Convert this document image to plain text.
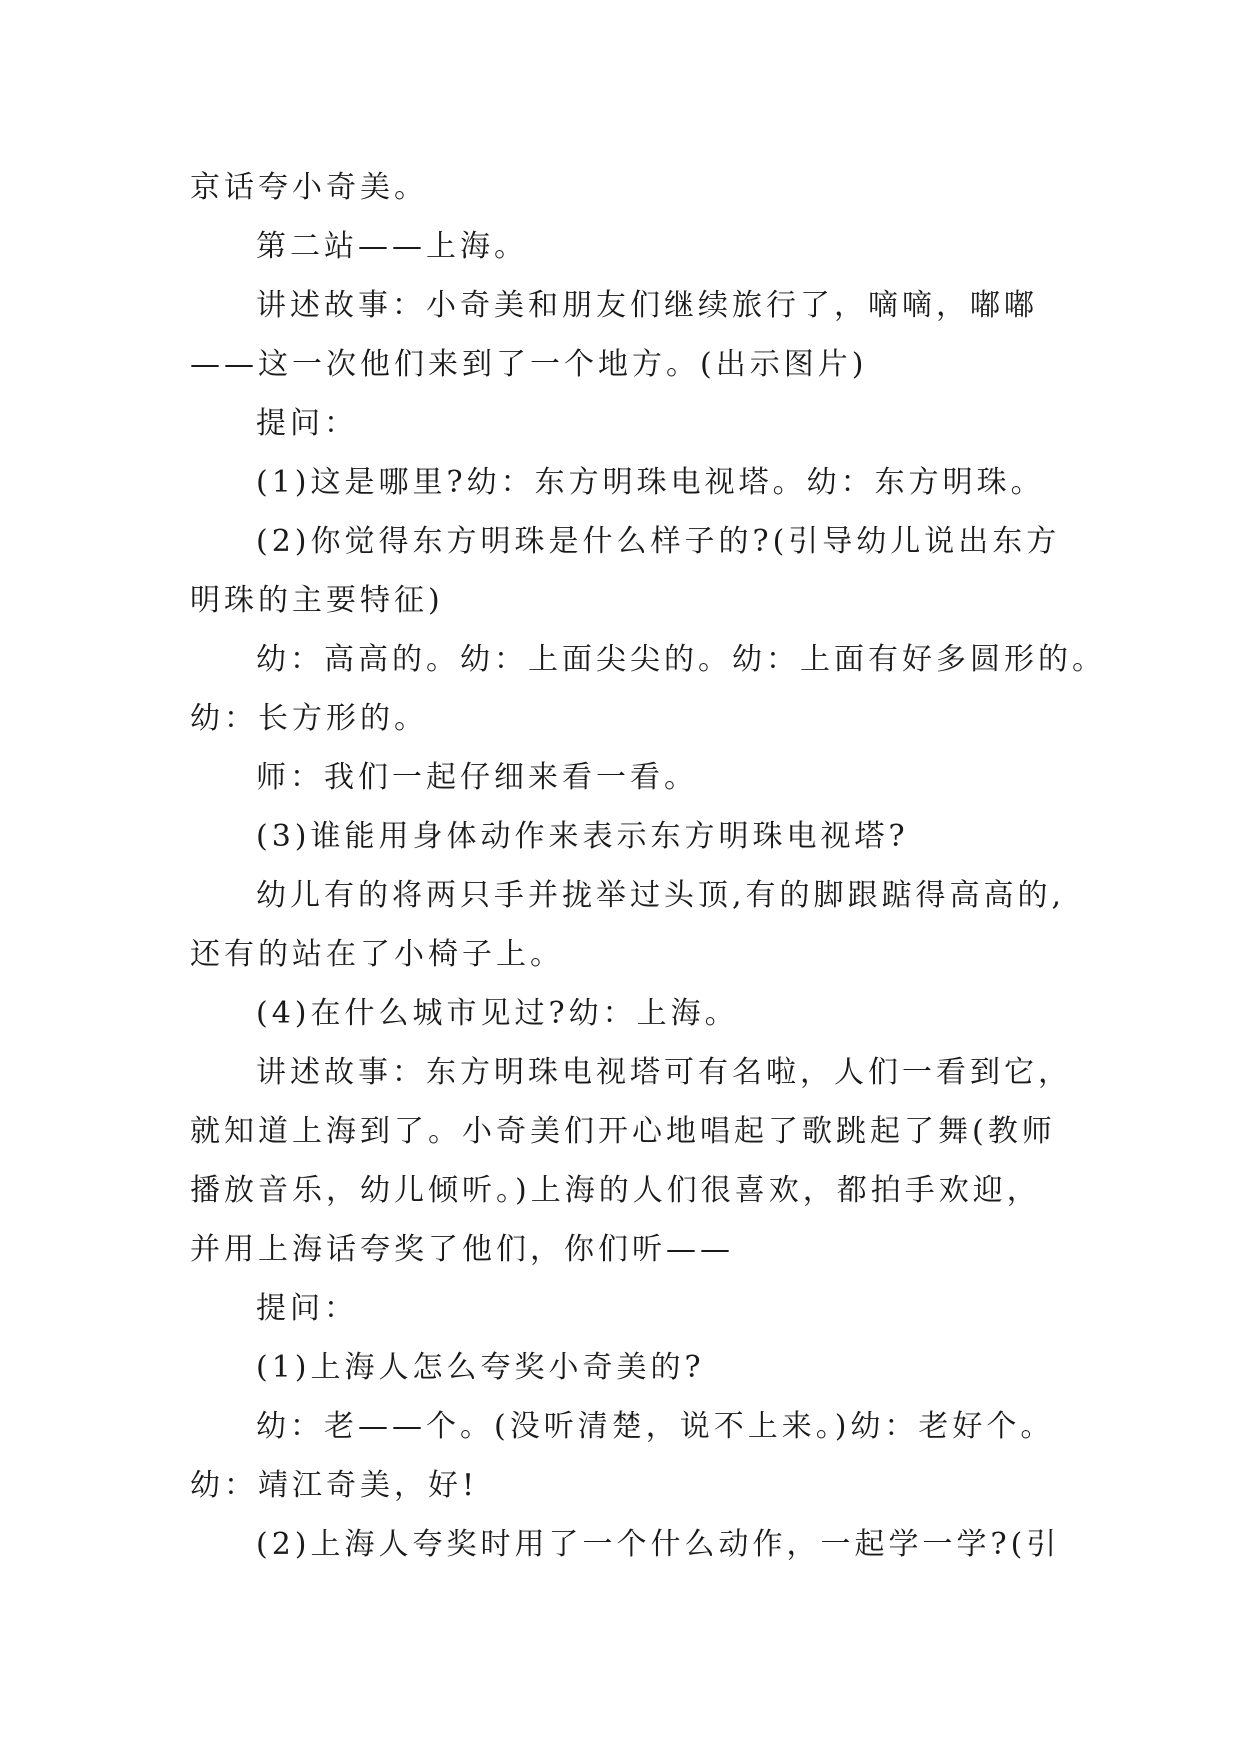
京话夸小奇美。
第二站——上海。
讲述故事：小奇美和朋友们继续旅行了，嘀嘀，嘟嘟
——这一次他们来到了一个地方。(出示图片)
提问：
(1)这是哪里?幼：东方明珠电视塔。幼：东方明珠。
(2)你觉得东方明珠是什么样子的?(引导幼儿说出东方
明珠的主要特征)
幼：高高的。幼：上面尖尖的。幼：上面有好多圆形的。
幼：长方形的。
师：我们一起仔细来看一看。
(3)谁能用身体动作来表示东方明珠电视塔?
幼儿有的将两只手并拢举过头顶,有的脚跟踮得高高的,
还有的站在了小椅子上。
(4)在什么城市见过?幼：上海。
讲述故事：东方明珠电视塔可有名啦，人们一看到它，
就知道上海到了。小奇美们开心地唱起了歌跳起了舞(教师
播放音乐，幼儿倾听。)上海的人们很喜欢，都拍手欢迎，
并用上海话夸奖了他们，你们听——
提问：
(1)上海人怎么夸奖小奇美的?
幼：老——个。(没听清楚，说不上来。)幼：老好个。
幼：靖江奇美，好!
(2)上海人夸奖时用了一个什么动作，一起学一学?(引
